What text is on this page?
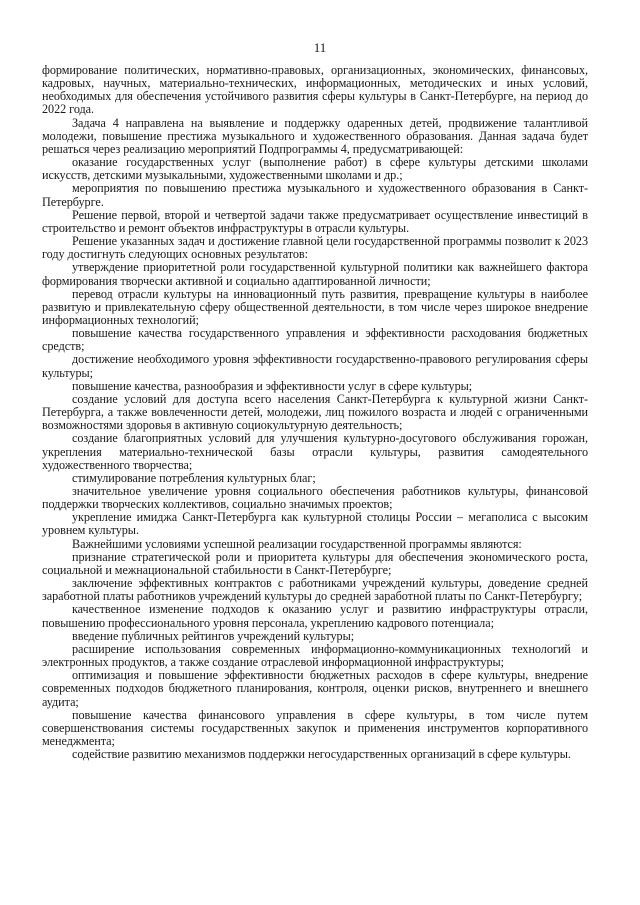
11

формирование политических, нормативно-правовых, организационных, экономических, финансовых, кадровых, научных, материально-технических, информационных, методических и иных условий, необходимых для обеспечения устойчивого развития сферы культуры в Санкт-Петербурге, на период до 2022 года.

Задача 4 направлена на выявление и поддержку одаренных детей, продвижение талантливой молодежи, повышение престижа музыкального и художественного образования. Данная задача будет решаться через реализацию мероприятий Подпрограммы 4, предусматривающей:

оказание государственных услуг (выполнение работ) в сфере культуры детскими школами искусств, детскими музыкальными, художественными школами и др.;

мероприятия по повышению престижа музыкального и художественного образования в Санкт-Петербурге.

Решение первой, второй и четвертой задачи также предусматривает осуществление инвестиций в строительство и ремонт объектов инфраструктуры в отрасли культуры.

Решение указанных задач и достижение главной цели государственной программы позволит к 2023 году достигнуть следующих основных результатов:

утверждение приоритетной роли государственной культурной политики как важнейшего фактора формирования творчески активной и социально адаптированной личности;

перевод отрасли культуры на инновационный путь развития, превращение культуры в наиболее развитую и привлекательную сферу общественной деятельности, в том числе через широкое внедрение информационных технологий;

повышение качества государственного управления и эффективности расходования бюджетных средств;

достижение необходимого уровня эффективности государственно-правового регулирования сферы культуры;

повышение качества, разнообразия и эффективности услуг в сфере культуры;

создание условий для доступа всего населения Санкт-Петербурга к культурной жизни Санкт-Петербурга, а также вовлеченности детей, молодежи, лиц пожилого возраста и людей с ограниченными возможностями здоровья в активную социокультурную деятельность;

создание благоприятных условий для улучшения культурно-досугового обслуживания горожан, укрепления материально-технической базы отрасли культуры, развития самодеятельного художественного творчества;

стимулирование потребления культурных благ;

значительное увеличение уровня социального обеспечения работников культуры, финансовой поддержки творческих коллективов, социально значимых проектов;

укрепление имиджа Санкт-Петербурга как культурной столицы России – мегаполиса с высоким уровнем культуры.

Важнейшими условиями успешной реализации государственной программы являются:

признание стратегической роли и приоритета культуры для обеспечения экономического роста, социальной и межнациональной стабильности в Санкт-Петербурге;

заключение эффективных контрактов с работниками учреждений культуры, доведение средней заработной платы работников учреждений культуры до средней заработной платы по Санкт-Петербургу;

качественное изменение подходов к оказанию услуг и развитию инфраструктуры отрасли, повышению профессионального уровня персонала, укреплению кадрового потенциала;

введение публичных рейтингов учреждений культуры;

расширение использования современных информационно-коммуникационных технологий и электронных продуктов, а также создание отраслевой информационной инфраструктуры;

оптимизация и повышение эффективности бюджетных расходов в сфере культуры, внедрение современных подходов бюджетного планирования, контроля, оценки рисков, внутреннего и внешнего аудита;

повышение качества финансового управления в сфере культуры, в том числе путем совершенствования системы государственных закупок и применения инструментов корпоративного менеджмента;

содействие развитию механизмов поддержки негосударственных организаций в сфере культуры.
